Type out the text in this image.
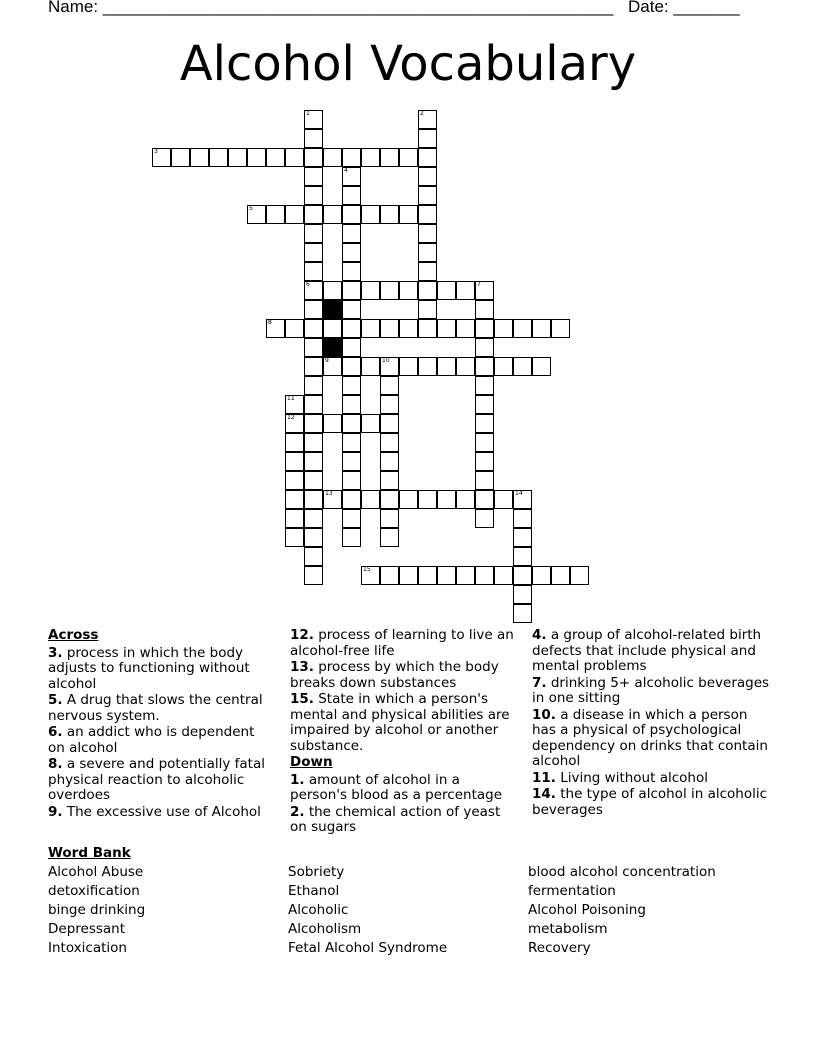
Name: ______________________________________________________ Date: _______
Alcohol Vocabulary
1
6
2
3
4
5
7
8
9	10
11
12
13	14
15
Across

3. process in which the body adjusts to functioning without alcohol

5. A drug that slows the central nervous system.

6. an addict who is dependent on alcohol

8. a severe and potentially fatal physical reaction to alcoholic overdoes

9. The excessive use of Alcohol

12. process of learning to live an alcohol-free life

13. process by which the body breaks down substances

15. State in which a person's mental and physical abilities are impaired by alcohol or another substance.

Down

1. amount of alcohol in a person's blood as a percentage

2. the chemical action of yeast on sugars

4. a group of alcohol-related birth defects that include physical and mental problems

7. drinking 5+ alcoholic beverages in one sitting

10. a disease in which a person has a physical of psychological dependency on drinks that contain alcohol

11. Living without alcohol

14. the type of alcohol in alcoholic beverages

Word Bank
Alcohol Abuse
detoxification
binge drinking
Depressant
Intoxication
Sobriety
Ethanol
Alcoholic
Alcoholism
Fetal Alcohol Syndrome
blood alcohol concentration
fermentation
Alcohol Poisoning
metabolism
Recovery
